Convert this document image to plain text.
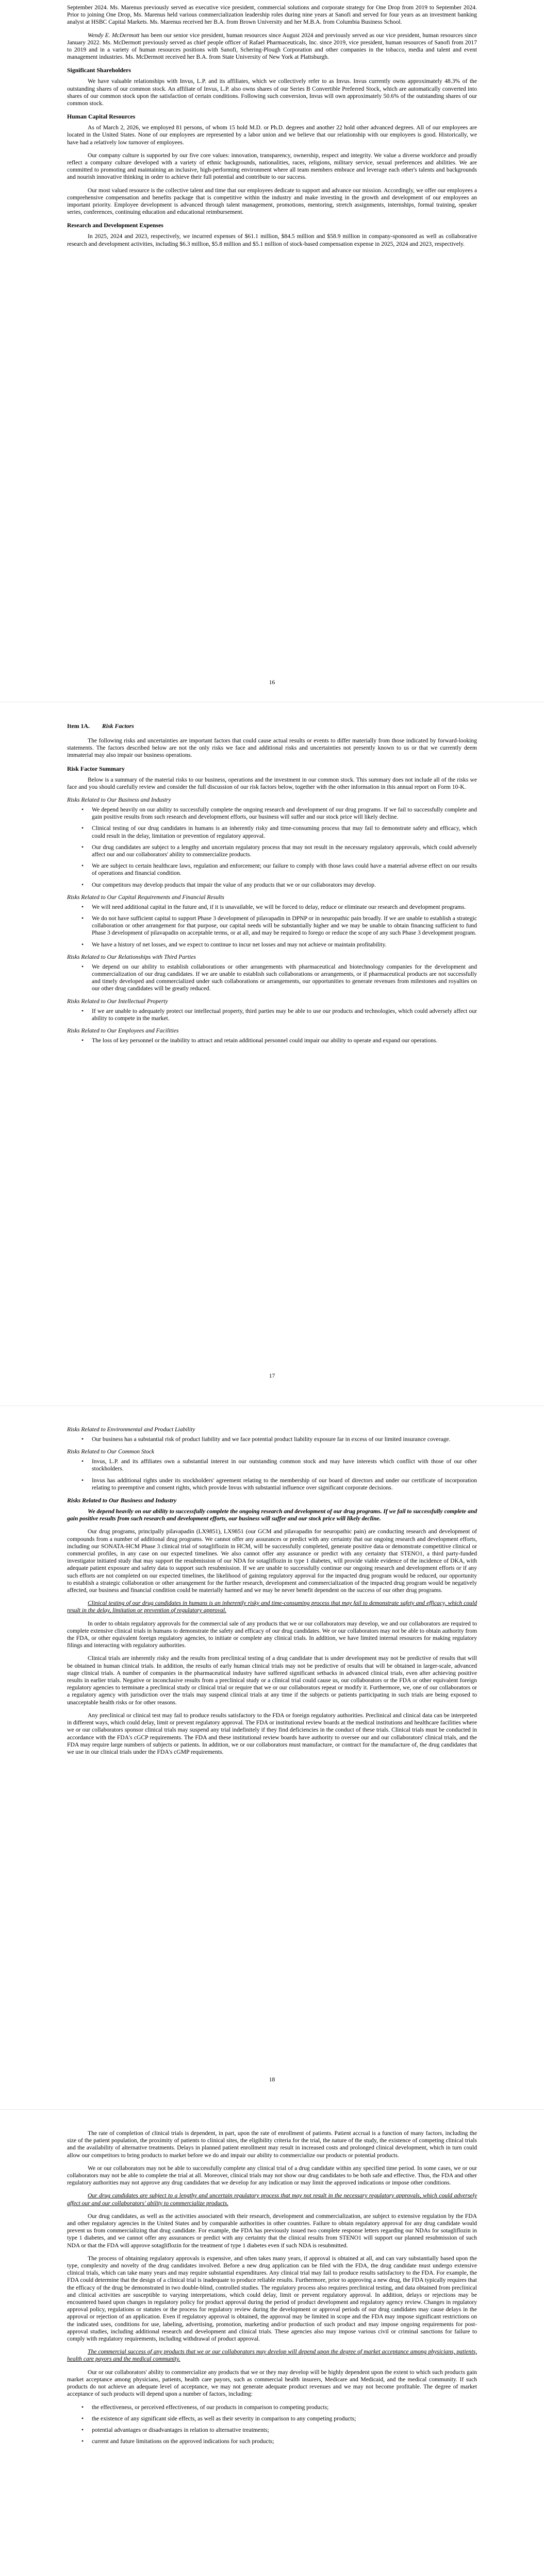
September 2024. Ms. Marenus previously served as executive vice president, commercial solutions and corporate strategy for One Drop from 2019 to September 2024. Prior to joining One Drop, Ms. Marenus held various commercialization leadership roles during nine years at Sanofi and served for four years as an investment banking analyst at HSBC Capital Markets. Ms. Marenus received her B.A. from Brown University and her M.B.A. from Columbia Business School.

Wendy E. McDermott has been our senior vice president, human resources since August 2024 and previously served as our vice president, human resources since January 2022. Ms. McDermott previously served as chief people officer of Rafael Pharmaceuticals, Inc. since 2019, vice president, human resources of Sanofi from 2017 to 2019 and in a variety of human resources positions with Sanofi, Schering-Plough Corporation and other companies in the tobacco, media and talent and event management industries. Ms. McDermott received her B.A. from State University of New York at Plattsburgh.

Significant Shareholders

We have valuable relationships with Invus, L.P. and its affiliates, which we collectively refer to as Invus. Invus currently owns approximately 48.3% of the outstanding shares of our common stock. An affiliate of Invus, L.P. also owns shares of our Series B Convertible Preferred Stock, which are automatically converted into shares of our common stock upon the satisfaction of certain conditions. Following such conversion, Invus will own approximately 50.6% of the outstanding shares of our common stock.

Human Capital Resources

As of March 2, 2026, we employed 81 persons, of whom 15 hold M.D. or Ph.D. degrees and another 22 hold other advanced degrees. All of our employees are located in the United States. None of our employees are represented by a labor union and we believe that our relationship with our employees is good. Historically, we have had a relatively low turnover of employees.

Our company culture is supported by our five core values: innovation, transparency, ownership, respect and integrity. We value a diverse workforce and proudly reflect a company culture developed with a variety of ethnic backgrounds, nationalities, races, religions, military service, sexual preferences and abilities. We are committed to promoting and maintaining an inclusive, high-performing environment where all team members embrace and leverage each other's talents and backgrounds and nourish innovative thinking in order to achieve their full potential and contribute to our success.

Our most valued resource is the collective talent and time that our employees dedicate to support and advance our mission. Accordingly, we offer our employees a comprehensive compensation and benefits package that is competitive within the industry and make investing in the growth and development of our employees an important priority. Employee development is advanced through talent management, promotions, mentoring, stretch assignments, internships, formal training, speaker series, conferences, continuing education and educational reimbursement.

Research and Development Expenses

In 2025, 2024 and 2023, respectively, we incurred expenses of $61.1 million, $84.5 million and $58.9 million in company-sponsored as well as collaborative research and development activities, including $6.3 million, $5.8 million and $5.1 million of stock-based compensation expense in 2025, 2024 and 2023, respectively.

16
Item 1A. Risk Factors

The following risks and uncertainties are important factors that could cause actual results or events to differ materially from those indicated by forward-looking statements. The factors described below are not the only risks we face and additional risks and uncertainties not presently known to us or that we currently deem immaterial may also impair our business operations.

Risk Factor Summary

Below is a summary of the material risks to our business, operations and the investment in our common stock. This summary does not include all of the risks we face and you should carefully review and consider the full discussion of our risk factors below, together with the other information in this annual report on Form 10-K.

Risks Related to Our Business and Industry
• We depend heavily on our ability to successfully complete the ongoing research and development of our drug programs. If we fail to successfully complete and gain positive results from such research and development efforts, our business will suffer and our stock price will likely decline.
• Clinical testing of our drug candidates in humans is an inherently risky and time-consuming process that may fail to demonstrate safety and efficacy, which could result in the delay, limitation or prevention of regulatory approval.
• Our drug candidates are subject to a lengthy and uncertain regulatory process that may not result in the necessary regulatory approvals, which could adversely affect our and our collaborators' ability to commercialize products.
• We are subject to certain healthcare laws, regulation and enforcement; our failure to comply with those laws could have a material adverse effect on our results of operations and financial condition.
• Our competitors may develop products that impair the value of any products that we or our collaborators may develop.
Risks Related to Our Capital Requirements and Financial Results
• We will need additional capital in the future and, if it is unavailable, we will be forced to delay, reduce or eliminate our research and development programs.
• We do not have sufficient capital to support Phase 3 development of pilavapadin in DPNP or in neuropathic pain broadly. If we are unable to establish a strategic collaboration or other arrangement for that purpose, our capital needs will be substantially higher and we may be unable to obtain financing sufficient to fund Phase 3 development of pilavapadin on acceptable terms, or at all, and may be required to forego or reduce the scope of any such Phase 3 development program.
• We have a history of net losses, and we expect to continue to incur net losses and may not achieve or maintain profitability.
Risks Related to Our Relationships with Third Parties
• We depend on our ability to establish collaborations or other arrangements with pharmaceutical and biotechnology companies for the development and commercialization of our drug candidates. If we are unable to establish such collaborations or arrangements, or if pharmaceutical products are not successfully and timely developed and commercialized under such collaborations or arrangements, our opportunities to generate revenues from milestones and royalties on our other drug candidates will be greatly reduced.
Risks Related to Our Intellectual Property
• If we are unable to adequately protect our intellectual property, third parties may be able to use our products and technologies, which could adversely affect our ability to compete in the market.
Risks Related to Our Employees and Facilities
• The loss of key personnel or the inability to attract and retain additional personnel could impair our ability to operate and expand our operations.
17
Risks Related to Environmental and Product Liability
• Our business has a substantial risk of product liability and we face potential product liability exposure far in excess of our limited insurance coverage.
Risks Related to Our Common Stock
• Invus, L.P. and its affiliates own a substantial interest in our outstanding common stock and may have interests which conflict with those of our other stockholders.
• Invus has additional rights under its stockholders' agreement relating to the membership of our board of directors and under our certificate of incorporation relating to preemptive and consent rights, which provide Invus with substantial influence over significant corporate decisions.
Risks Related to Our Business and Industry

We depend heavily on our ability to successfully complete the ongoing research and development of our drug programs. If we fail to successfully complete and gain positive results from such research and development efforts, our business will suffer and our stock price will likely decline.

Our drug programs, principally pilavapadin (LX9851), LX9851 (our GCM and pilavapadin for neuropathic pain) are conducting research and development of compounds from a number of additional drug programs. We cannot offer any assurances or predict with any certainty that our ongoing research and development efforts, including our SONATA-HCM Phase 3 clinical trial of sotagliflozin in HCM, will be successfully completed, generate positive data or demonstrate competitive clinical or commercial profiles, in any case on our expected timelines. We also cannot offer any assurance or predict with any certainty that STENO1, a third party-funded investigator initiated study that may support the resubmission of our NDA for sotagliflozin in type 1 diabetes, will provide viable evidence of the incidence of DKA, with adequate patient exposure and safety data to support such resubmission. If we are unable to successfully continue our ongoing research and development efforts or if any such efforts are not completed on our expected timelines, the likelihood of gaining regulatory approval for the impacted drug program would be reduced, our opportunity to establish a strategic collaboration or other arrangement for the further research, development and commercialization of the impacted drug program would be negatively affected, our business and financial condition could be materially harmed and we may be never benefit dependent on the success of our other drug programs.

Clinical testing of our drug candidates in humans is an inherently risky and time-consuming process that may fail to demonstrate safety and efficacy, which could result in the delay, limitation or prevention of regulatory approval.

In order to obtain regulatory approvals for the commercial sale of any products that we or our collaborators may develop, we and our collaborators are required to complete extensive clinical trials in humans to demonstrate the safety and efficacy of our drug candidates. We or our collaborators may not be able to obtain authority from the FDA, or other equivalent foreign regulatory agencies, to initiate or complete any clinical trials. In addition, we have limited internal resources for making regulatory filings and interacting with regulatory authorities.

Clinical trials are inherently risky and the results from preclinical testing of a drug candidate that is under development may not be predictive of results that will be obtained in human clinical trials. In addition, the results of early human clinical trials may not be predictive of results that will be obtained in larger-scale, advanced stage clinical trials. A number of companies in the pharmaceutical industry have suffered significant setbacks in advanced clinical trials, even after achieving positive results in earlier trials. Negative or inconclusive results from a preclinical study or a clinical trial could cause us, our collaborators or the FDA or other equivalent foreign regulatory agencies to terminate a preclinical study or clinical trial or require that we or our collaborators repeat or modify it. Furthermore, we, one of our collaborators or a regulatory agency with jurisdiction over the trials may suspend clinical trials at any time if the subjects or patients participating in such trials are being exposed to unacceptable health risks or for other reasons.

Any preclinical or clinical test may fail to produce results satisfactory to the FDA or foreign regulatory authorities. Preclinical and clinical data can be interpreted in different ways, which could delay, limit or prevent regulatory approval. The FDA or institutional review boards at the medical institutions and healthcare facilities where we or our collaborators sponsor clinical trials may suspend any trial indefinitely if they find deficiencies in the conduct of these trials. Clinical trials must be conducted in accordance with the FDA's cGCP requirements. The FDA and these institutional review boards have authority to oversee our and our collaborators' clinical trials, and the FDA may require large numbers of subjects or patients. In addition, we or our collaborators must manufacture, or contract for the manufacture of, the drug candidates that we use in our clinical trials under the FDA's cGMP requirements.

18

The rate of completion of clinical trials is dependent, in part, upon the rate of enrollment of patients. Patient accrual is a function of many factors, including the size of the patient population, the proximity of patients to clinical sites, the eligibility criteria for the trial, the nature of the study, the existence of competing clinical trials and the availability of alternative treatments. Delays in planned patient enrollment may result in increased costs and prolonged clinical development, which in turn could allow our competitors to bring products to market before we do and impair our ability to commercialize our products or potential products.

We or our collaborators may not be able to successfully complete any clinical trial of a drug candidate within any specified time period. In some cases, we or our collaborators may not be able to complete the trial at all. Moreover, clinical trials may not show our drug candidates to be both safe and effective. Thus, the FDA and other regulatory authorities may not approve any drug candidates that we develop for any indication or may limit the approved indications or impose other conditions.

Our drug candidates are subject to a lengthy and uncertain regulatory process that may not result in the necessary regulatory approvals, which could adversely affect our and our collaborators' ability to commercialize products.

Our drug candidates, as well as the activities associated with their research, development and commercialization, are subject to extensive regulation by the FDA and other regulatory agencies in the United States and by comparable authorities in other countries. Failure to obtain regulatory approval for any drug candidate would prevent us from commercializing that drug candidate. For example, the FDA has previously issued two complete response letters regarding our NDAs for sotagliflozin in type 1 diabetes, and we cannot offer any assurances or predict with any certainty that the clinical results from STENO1 will support our planned resubmission of such NDA or that the FDA will approve sotagliflozin for the treatment of type 1 diabetes even if such NDA is resubmitted.

The process of obtaining regulatory approvals is expensive, and often takes many years, if approval is obtained at all, and can vary substantially based upon the type, complexity and novelty of the drug candidates involved. Before a new drug application can be filed with the FDA, the drug candidate must undergo extensive clinical trials, which can take many years and may require substantial expenditures. Any clinical trial may fail to produce results satisfactory to the FDA. For example, the FDA could determine that the design of a clinical trial is inadequate to produce reliable results. Furthermore, prior to approving a new drug, the FDA typically requires that the efficacy of the drug be demonstrated in two double-blind, controlled studies. The regulatory process also requires preclinical testing, and data obtained from preclinical and clinical activities are susceptible to varying interpretations, which could delay, limit or prevent regulatory approval. In addition, delays or rejections may be encountered based upon changes in regulatory policy for product approval during the period of product development and regulatory agency review. Changes in regulatory approval policy, regulations or statutes or the process for regulatory review during the development or approval periods of our drug candidates may cause delays in the approval or rejection of an application. Even if regulatory approval is obtained, the approval may be limited in scope and the FDA may impose significant restrictions on the indicated uses, conditions for use, labeling, advertising, promotion, marketing and/or production of such product and may impose ongoing requirements for post-approval studies, including additional research and development and clinical trials. These agencies also may impose various civil or criminal sanctions for failure to comply with regulatory requirements, including withdrawal of product approval.

The commercial success of any products that we or our collaborators may develop will depend upon the degree of market acceptance among physicians, patients, health care payors and the medical community.

Our or our collaborators' ability to commercialize any products that we or they may develop will be highly dependent upon the extent to which such products gain market acceptance among physicians, patients, health care payors, such as commercial health insurers, Medicare and Medicaid, and the medical community. If such products do not achieve an adequate level of acceptance, we may not generate adequate product revenues and we may not become profitable. The degree of market acceptance of such products will depend upon a number of factors, including:

• the effectiveness, or perceived effectiveness, of our products in comparison to competing products;
• the existence of any significant side effects, as well as their severity in comparison to any competing products;
• potential advantages or disadvantages in relation to alternative treatments;
• current and future limitations on the approved indications for such products;
